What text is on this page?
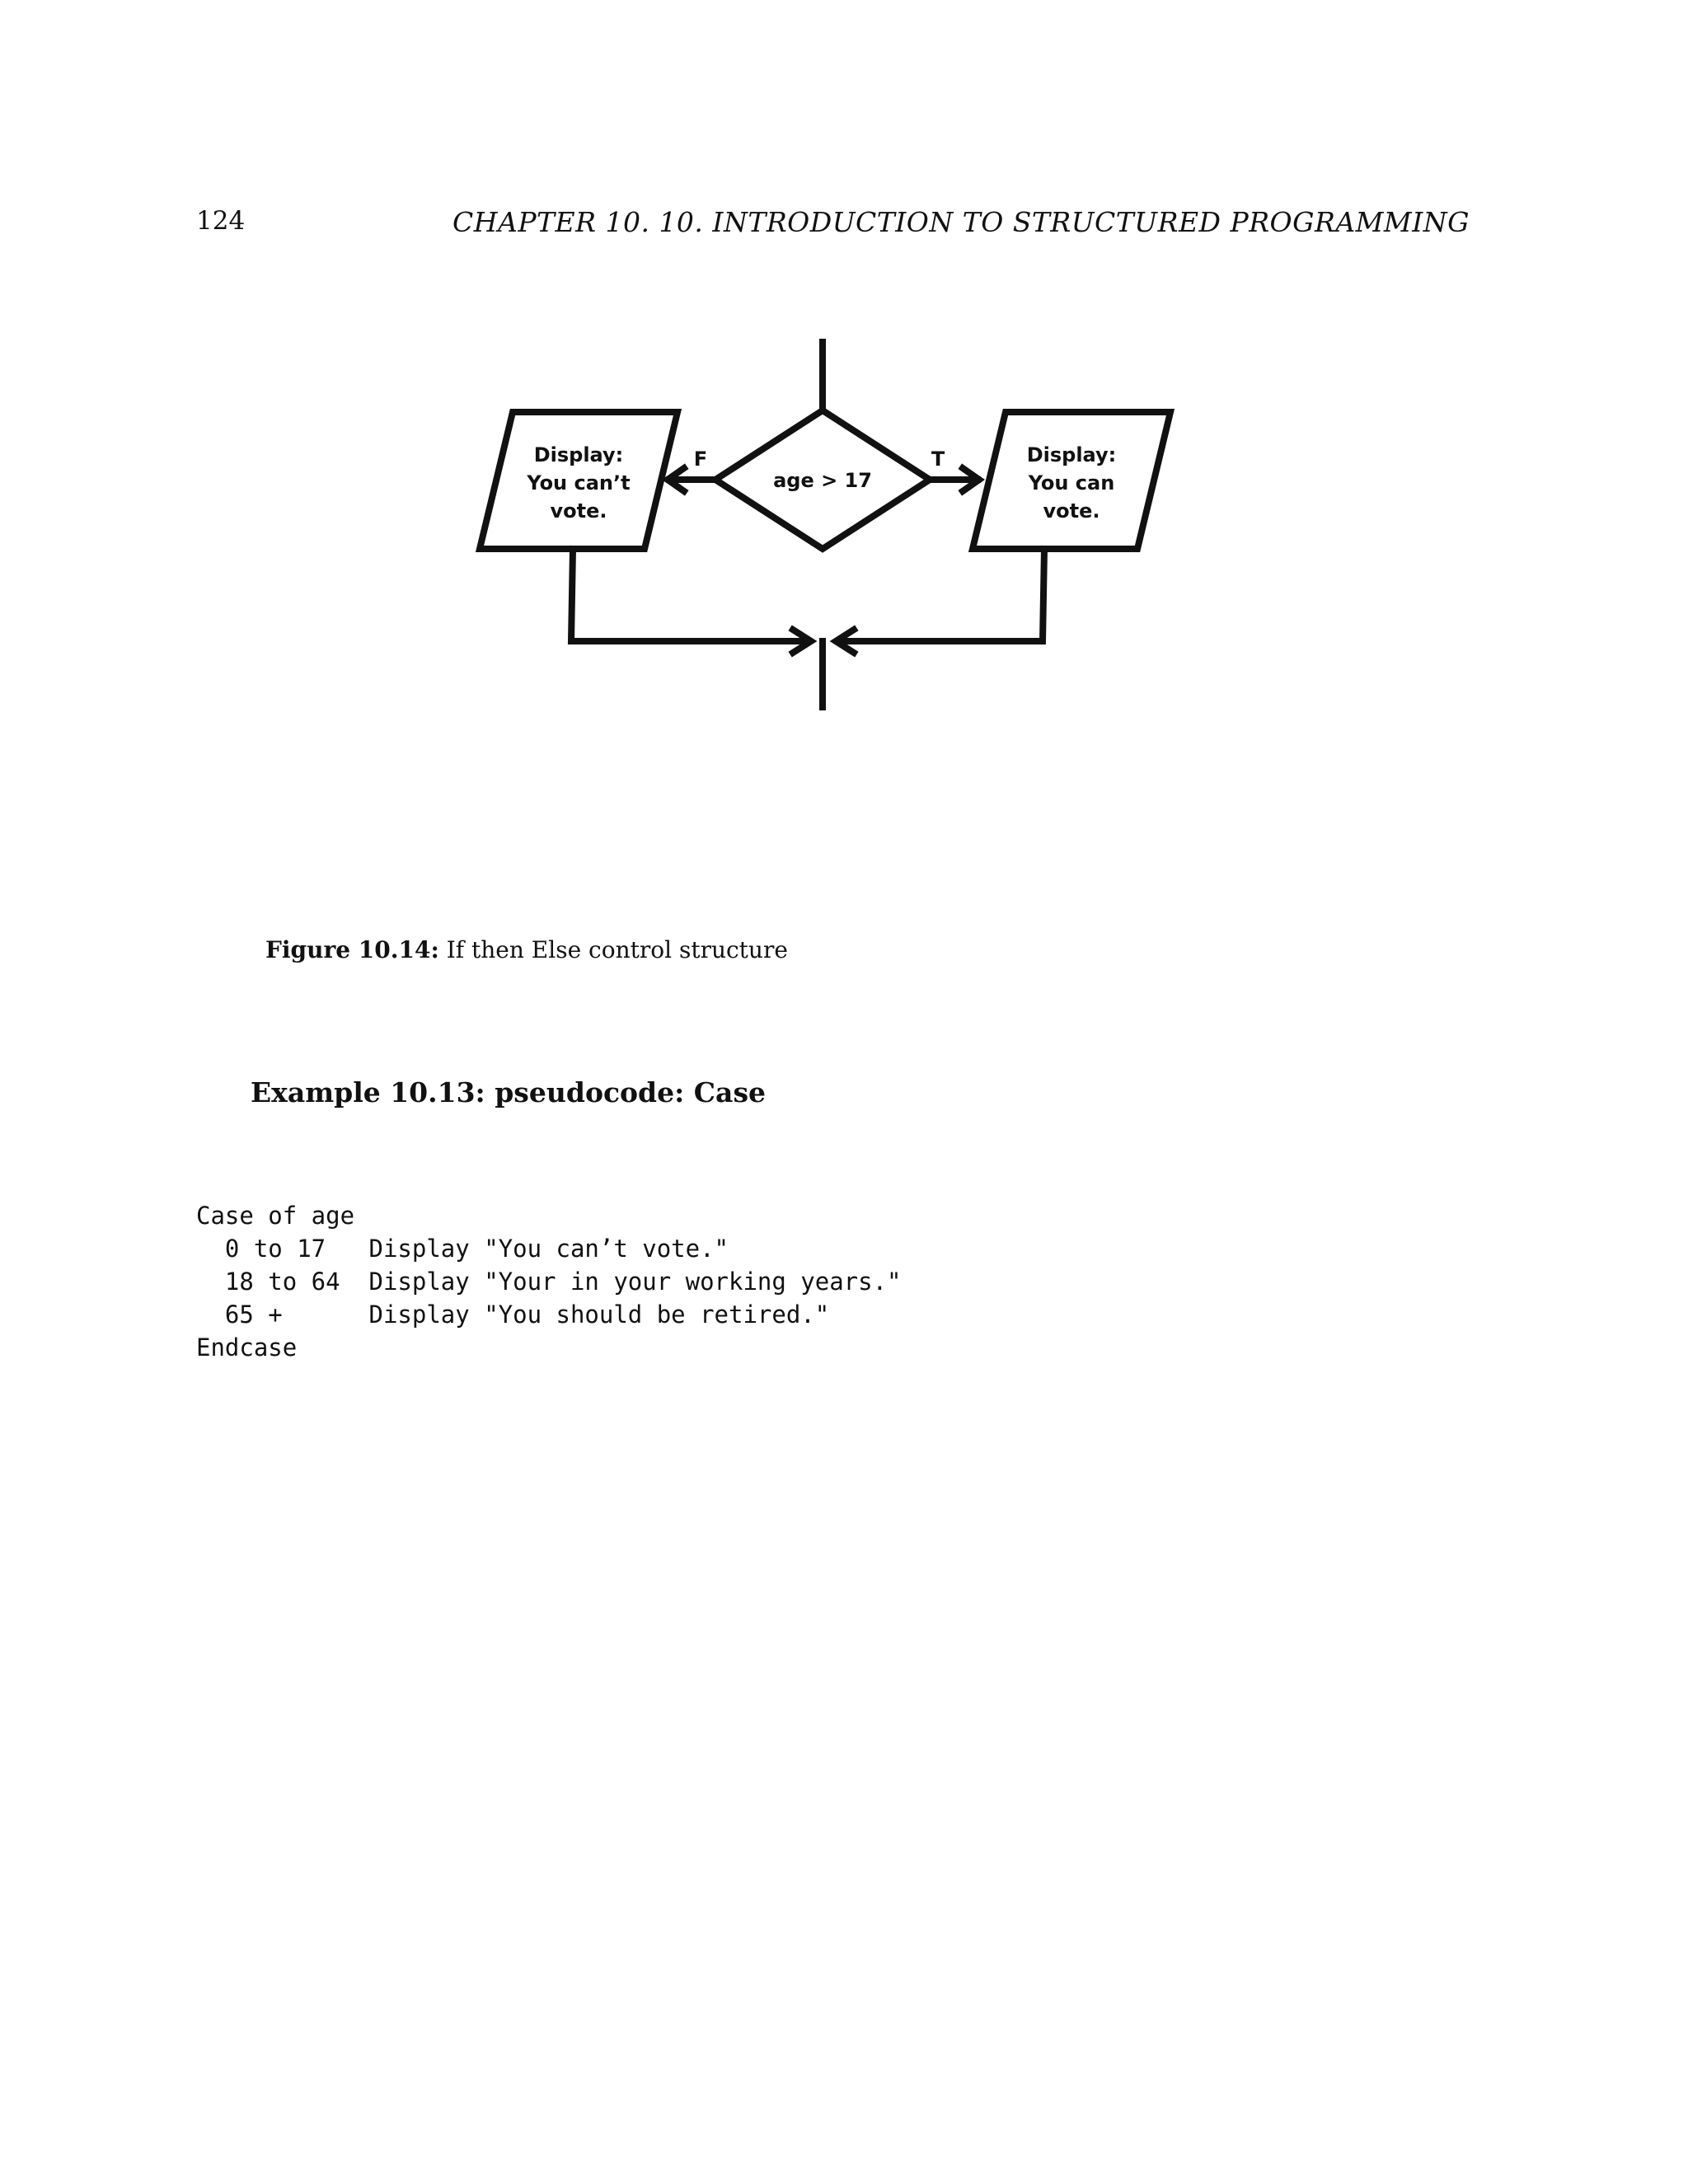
124	CHAPTER 10. 10. INTRODUCTION TO STRUCTURED PROGRAMMING
F	T
age > 17
Display:
You can’t
vote.
Display:
You can
vote.
Figure 10.14: If then Else control structure
Example 10.13: pseudocode: Case
Case of age
0 to 17   Display "You can’t vote."
18 to 64  Display "Your in your working years."
65 +      Display "You should be retired."
Endcase
